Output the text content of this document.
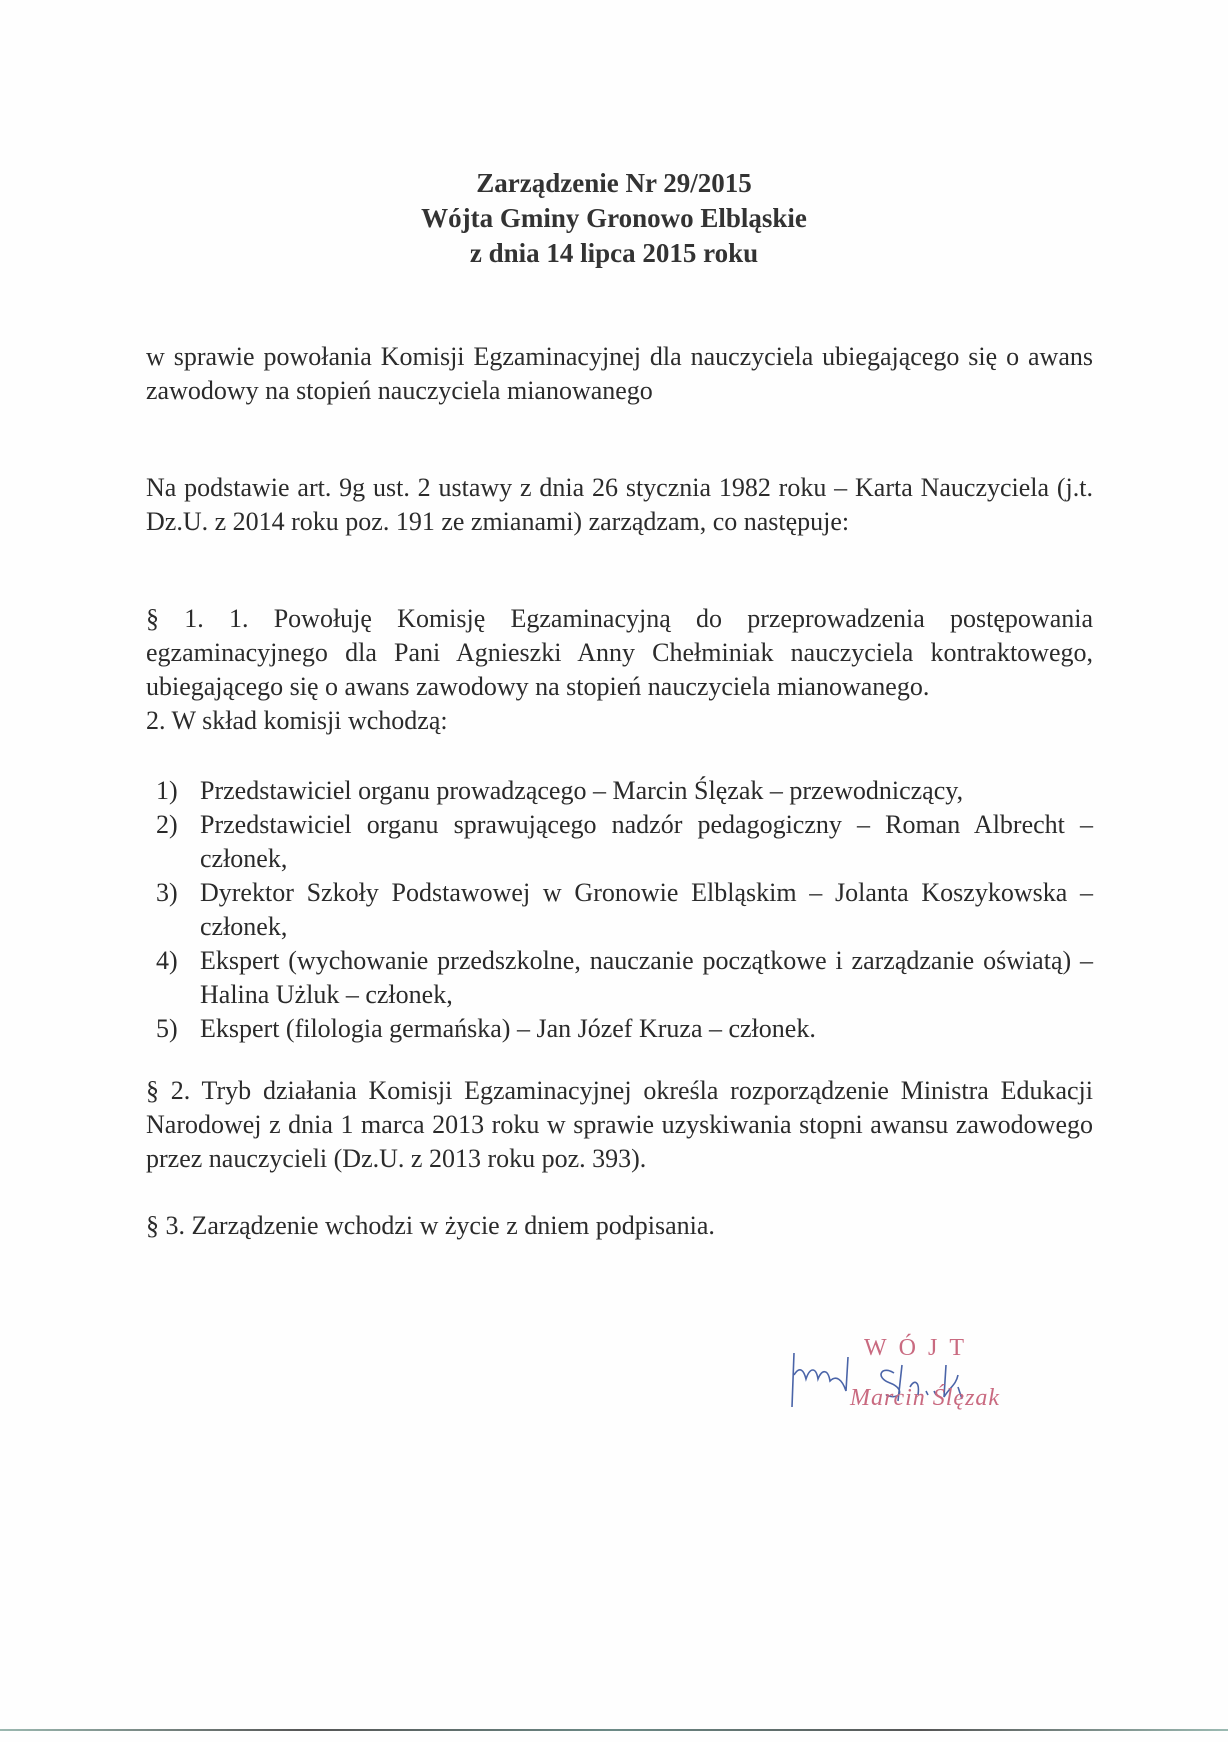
Zarządzenie Nr 29/2015
Wójta Gminy Gronowo Elbląskie
z dnia 14 lipca 2015 roku
w sprawie powołania Komisji Egzaminacyjnej dla nauczyciela ubiegającego się o awans zawodowy na stopień nauczyciela mianowanego
Na podstawie art. 9g ust. 2 ustawy z dnia 26 stycznia 1982 roku – Karta Nauczyciela (j.t. Dz.U. z 2014 roku poz. 191 ze zmianami) zarządzam, co następuje:
§ 1. 1. Powołuję Komisję Egzaminacyjną do przeprowadzenia postępowania egzaminacyjnego dla Pani Agnieszki Anny Chełminiak nauczyciela kontraktowego, ubiegającego się o awans zawodowy na stopień nauczyciela mianowanego.
2. W skład komisji wchodzą:
1) Przedstawiciel organu prowadzącego – Marcin Ślęzak – przewodniczący,
2) Przedstawiciel organu sprawującego nadzór pedagogiczny – Roman Albrecht – członek,
3) Dyrektor Szkoły Podstawowej w Gronowie Elbląskim – Jolanta Koszykowska – członek,
4) Ekspert (wychowanie przedszkolne, nauczanie początkowe i zarządzanie oświatą) – Halina Użluk – członek,
5) Ekspert (filologia germańska) – Jan Józef Kruza – członek.
§ 2. Tryb działania Komisji Egzaminacyjnej określa rozporządzenie Ministra Edukacji Narodowej z dnia 1 marca 2013 roku w sprawie uzyskiwania stopni awansu zawodowego przez nauczycieli (Dz.U. z 2013 roku poz. 393).
§ 3. Zarządzenie wchodzi w życie z dniem podpisania.
WÓJT
Marcin Ślęzak
